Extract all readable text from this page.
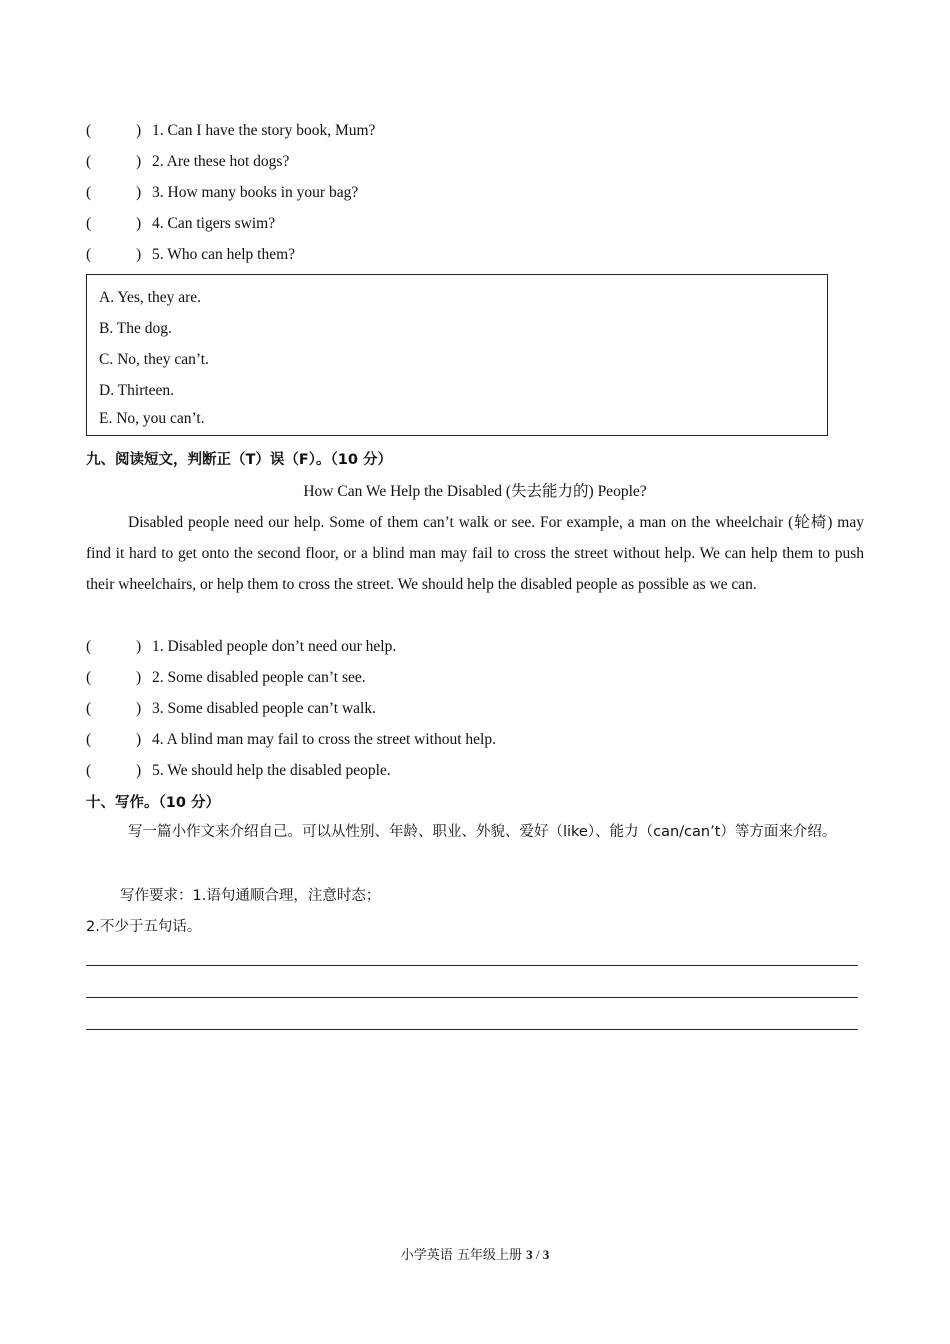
(	) 1. Can I have the story book, Mum?
(	) 2. Are these hot dogs?
(	) 3. How many books in your bag?
(	) 4. Can tigers swim?
(	) 5. Who can help them?
A. Yes, they are.
B. The dog.
C. No, they can’t.
D. Thirteen.
E. No, you can’t.
九、阅读短文，判断正（T）误（F）。（10 分）
How Can We Help the Disabled (失去能力的) People?
Disabled people need our help. Some of them can’t walk or see. For example, a man on the wheelchair (轮椅) may find it hard to get onto the second floor, or a blind man may fail to cross the street without help. We can help them to push their wheelchairs, or help them to cross the street. We should help the disabled people as possible as we can.
(	) 1. Disabled people don’t need our help.
(	) 2. Some disabled people can’t see.
(	) 3. Some disabled people can’t walk.
(	) 4. A blind man may fail to cross the street without help.
(	) 5. We should help the disabled people.
十、写作。（10 分）
写一篇小作文来介绍自己。可以从性别、年龄、职业、外貌、爱好（like）、能力（can/can’t）等方面来介绍。
写作要求：1.语句通顺合理，注意时态；
2.不少于五句话。
小学英语 五年级上册 3 / 3
